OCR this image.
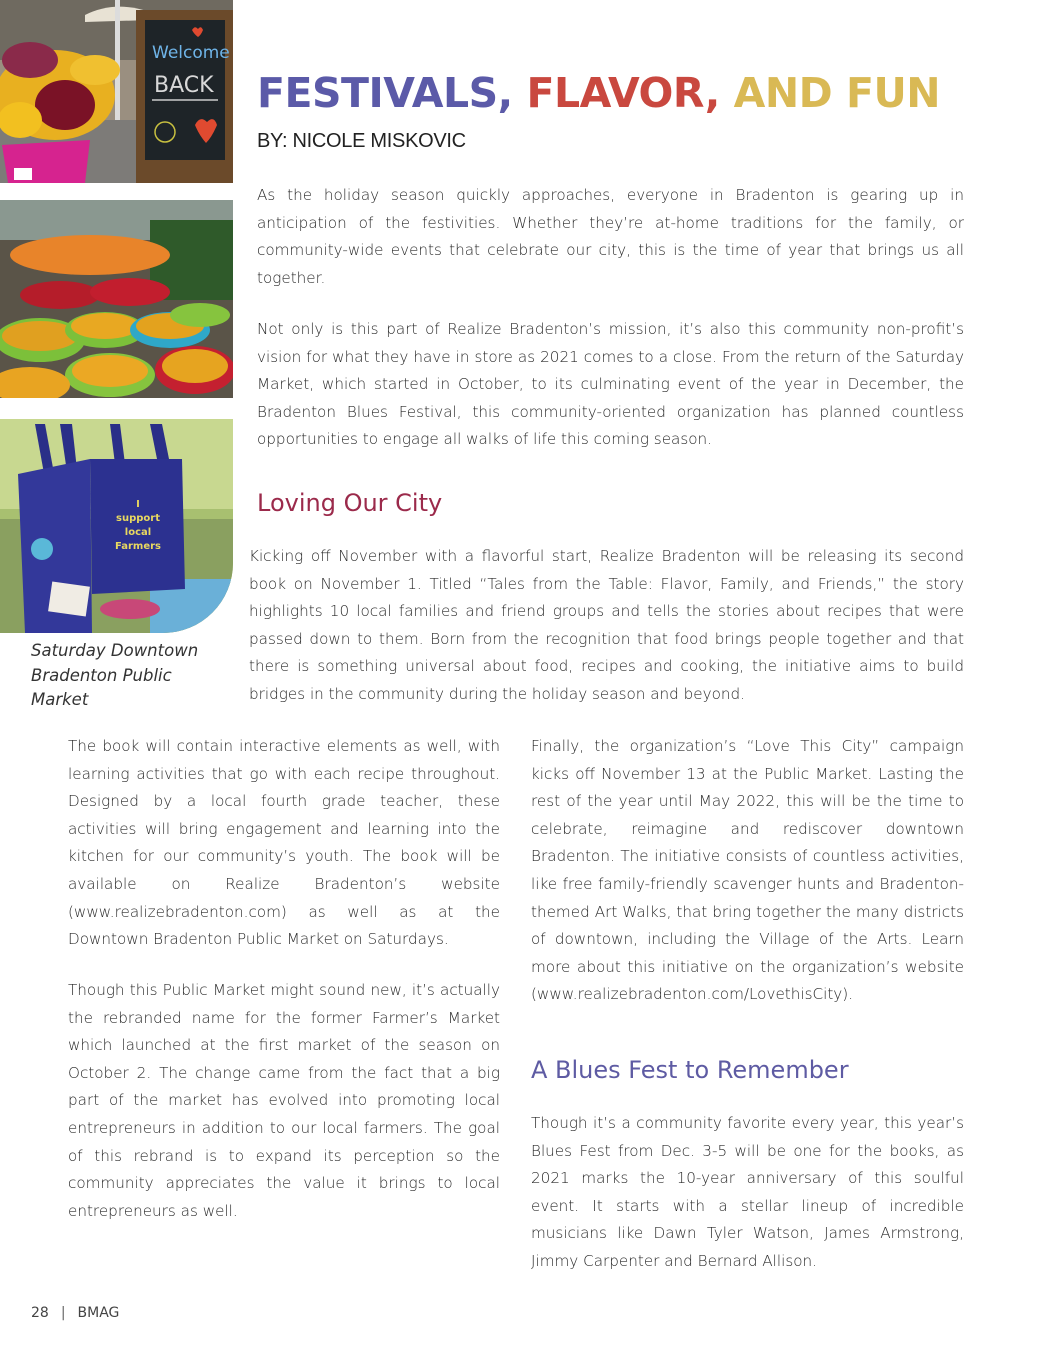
Welcome
BACK
I
support
local
Farmers
Saturday Downtown Bradenton Public Market
FESTIVALS, FLAVOR, AND FUN
BY: NICOLE MISKOVIC

As the holiday season quickly approaches, everyone in Bradenton is gearing up in anticipation of the festivities. Whether they’re at-home traditions for the family, or community-wide events that celebrate our city, this is the time of year that brings us all together.

Not only is this part of Realize Bradenton’s mission, it’s also this community non-profit’s vision for what they have in store as 2021 comes to a close. From the return of the Saturday Market, which started in October, to its culminating event of the year in December, the Bradenton Blues Festival, this community-oriented organization has planned countless opportunities to engage all walks of life this coming season.

Loving Our City

Kicking off November with a flavorful start, Realize Bradenton will be releasing its second book on November 1. Titled “Tales from the Table: Flavor, Family, and Friends,” the story highlights 10 local families and friend groups and tells the stories about recipes that were passed down to them. Born from the recognition that food brings people together and that there is something universal about food, recipes and cooking, the initiative aims to build bridges in the community during the holiday season and beyond.

The book will contain interactive elements as well, with learning activities that go with each recipe throughout. Designed by a local fourth grade teacher, these activities will bring engagement and learning into the kitchen for our community’s youth. The book will be available on Realize Bradenton’s website (www.realizebradenton.com) as well as at the Downtown Bradenton Public Market on Saturdays.

Though this Public Market might sound new, it’s actually the rebranded name for the former Farmer’s Market which launched at the first market of the season on October 2. The change came from the fact that a big part of the market has evolved into promoting local entrepreneurs in addition to our local farmers. The goal of this rebrand is to expand its perception so the community appreciates the value it brings to local entrepreneurs as well.

Finally, the organization’s “Love This City” campaign kicks off November 13 at the Public Market. Lasting the rest of the year until May 2022, this will be the time to celebrate, reimagine and rediscover downtown Bradenton. The initiative consists of countless activities, like free family-friendly scavenger hunts and Bradenton-themed Art Walks, that bring together the many districts of downtown, including the Village of the Arts. Learn more about this initiative on the organization’s website (www.realizebradenton.com/LovethisCity).

A Blues Fest to Remember

Though it’s a community favorite every year, this year’s Blues Fest from Dec. 3-5 will be one for the books, as 2021 marks the 10-year anniversary of this soulful event. It starts with a stellar lineup of incredible musicians like Dawn Tyler Watson, James Armstrong, Jimmy Carpenter and Bernard Allison.

28 | BMAG
